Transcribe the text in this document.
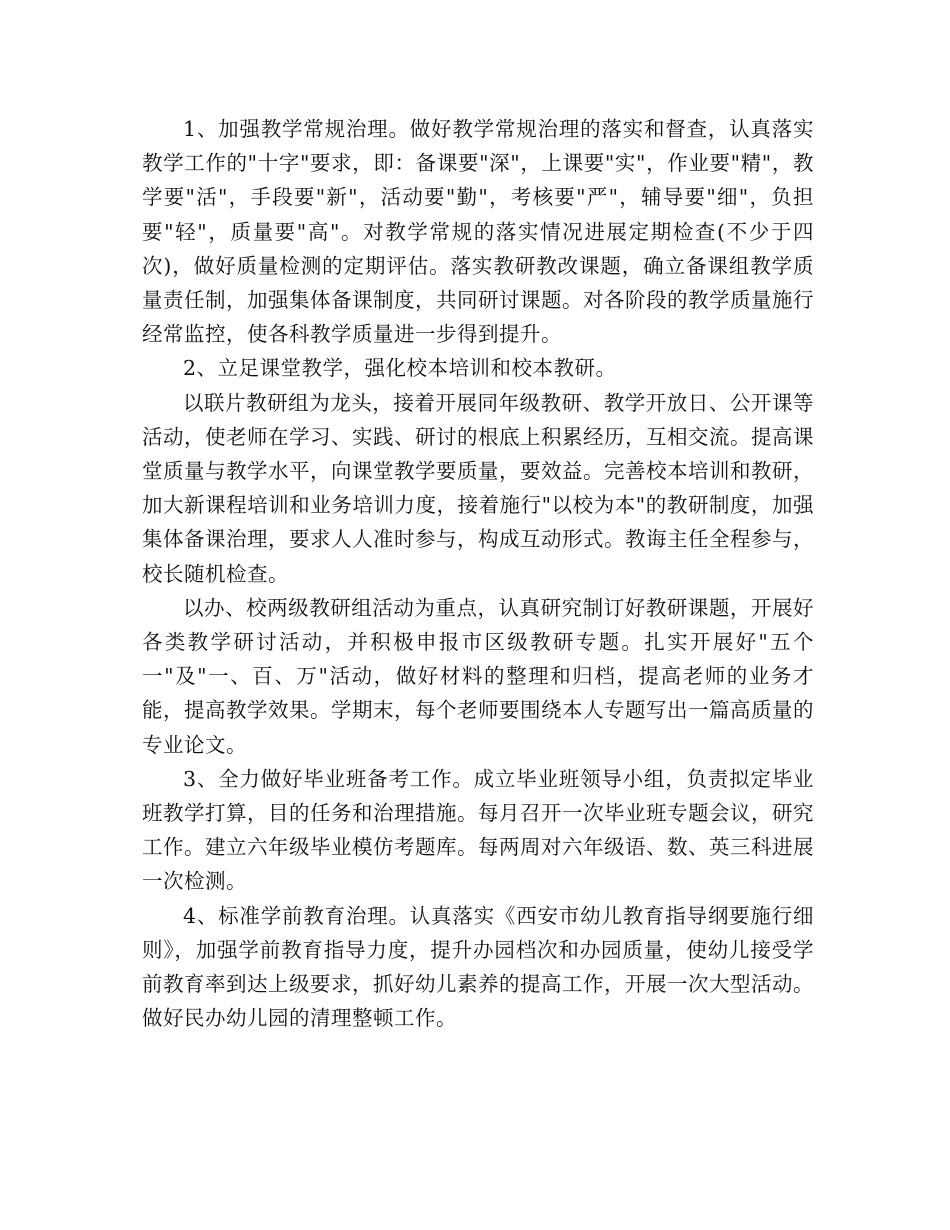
1、加强教学常规治理。做好教学常规治理的落实和督查，认真落实教学工作的"十字"要求，即：备课要"深"，上课要"实"，作业要"精"，教学要"活"，手段要"新"，活动要"勤"，考核要"严"，辅导要"细"，负担要"轻"，质量要"高"。对教学常规的落实情况进展定期检查(不少于四次)，做好质量检测的定期评估。落实教研教改课题，确立备课组教学质量责任制，加强集体备课制度，共同研讨课题。对各阶段的教学质量施行经常监控，使各科教学质量进一步得到提升。

2、立足课堂教学，强化校本培训和校本教研。

以联片教研组为龙头，接着开展同年级教研、教学开放日、公开课等活动，使老师在学习、实践、研讨的根底上积累经历，互相交流。提高课堂质量与教学水平，向课堂教学要质量，要效益。完善校本培训和教研，加大新课程培训和业务培训力度，接着施行"以校为本"的教研制度，加强集体备课治理，要求人人准时参与，构成互动形式。教诲主任全程参与，校长随机检查。

以办、校两级教研组活动为重点，认真研究制订好教研课题，开展好各类教学研讨活动，并积极申报市区级教研专题。扎实开展好"五个一"及"一、百、万"活动，做好材料的整理和归档，提高老师的业务才能，提高教学效果。学期末，每个老师要围绕本人专题写出一篇高质量的专业论文。

3、全力做好毕业班备考工作。成立毕业班领导小组，负责拟定毕业班教学打算，目的任务和治理措施。每月召开一次毕业班专题会议，研究工作。建立六年级毕业模仿考题库。每两周对六年级语、数、英三科进展一次检测。

4、标准学前教育治理。认真落实《西安市幼儿教育指导纲要施行细则》，加强学前教育指导力度，提升办园档次和办园质量，使幼儿接受学前教育率到达上级要求，抓好幼儿素养的提高工作，开展一次大型活动。做好民办幼儿园的清理整顿工作。
